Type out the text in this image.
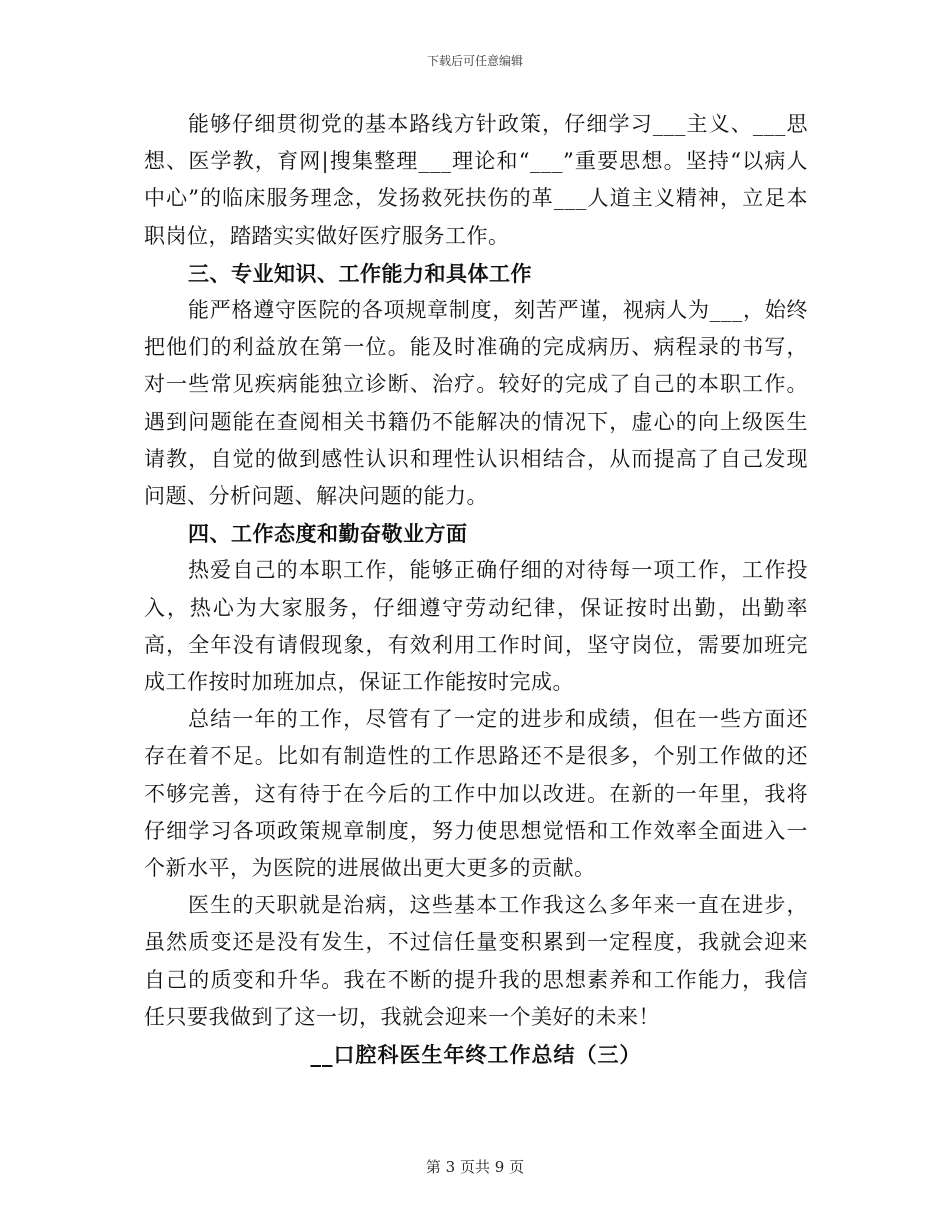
下载后可任意编辑

能够仔细贯彻党的基本路线方针政策，仔细学习___主义、___思想、医学教，育网|搜集整理___理论和“___”重要思想。坚持“以病人中心”的临床服务理念，发扬救死扶伤的革___人道主义精神，立足本职岗位，踏踏实实做好医疗服务工作。

三、专业知识、工作能力和具体工作

能严格遵守医院的各项规章制度，刻苦严谨，视病人为___，始终把他们的利益放在第一位。能及时准确的完成病历、病程录的书写，对一些常见疾病能独立诊断、治疗。较好的完成了自己的本职工作。遇到问题能在查阅相关书籍仍不能解决的情况下，虚心的向上级医生请教，自觉的做到感性认识和理性认识相结合，从而提高了自己发现问题、分析问题、解决问题的能力。

四、工作态度和勤奋敬业方面

热爱自己的本职工作，能够正确仔细的对待每一项工作，工作投入，热心为大家服务，仔细遵守劳动纪律，保证按时出勤，出勤率高，全年没有请假现象，有效利用工作时间，坚守岗位，需要加班完成工作按时加班加点，保证工作能按时完成。

总结一年的工作，尽管有了一定的进步和成绩，但在一些方面还存在着不足。比如有制造性的工作思路还不是很多，个别工作做的还不够完善，这有待于在今后的工作中加以改进。在新的一年里，我将仔细学习各项政策规章制度，努力使思想觉悟和工作效率全面进入一个新水平，为医院的进展做出更大更多的贡献。

医生的天职就是治病，这些基本工作我这么多年来一直在进步，虽然质变还是没有发生，不过信任量变积累到一定程度，我就会迎来自己的质变和升华。我在不断的提升我的思想素养和工作能力，我信任只要我做到了这一切，我就会迎来一个美好的未来！

__口腔科医生年终工作总结（三）

第 3 页共 9 页
